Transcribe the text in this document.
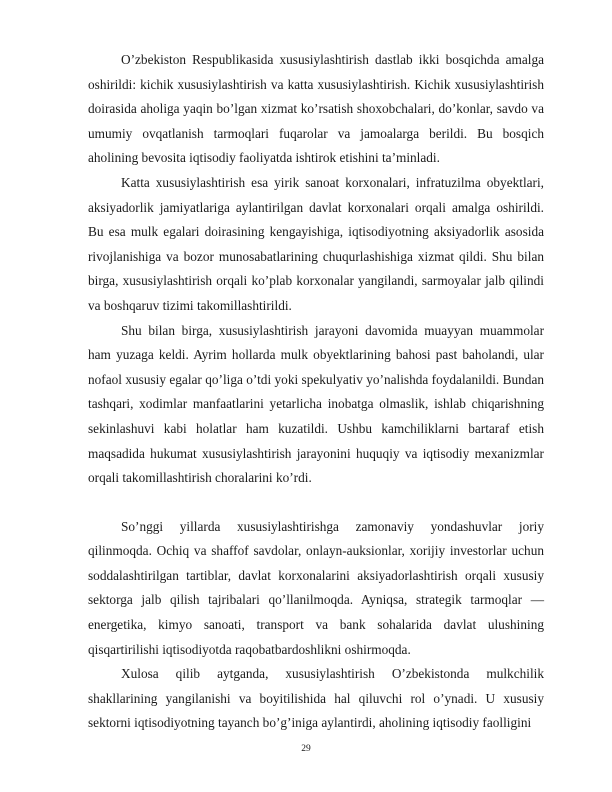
O’zbekiston Respublikasida xususiylashtirish dastlab ikki bosqichda amalga oshirildi: kichik xususiylashtirish va katta xususiylashtirish. Kichik xususiylashtirish doirasida aholiga yaqin bo’lgan xizmat ko’rsatish shoxobchalari, do’konlar, savdo va umumiy ovqatlanish tarmoqlari fuqarolar va jamoalarga berildi. Bu bosqich aholining bevosita iqtisodiy faoliyatda ishtirok etishini ta’minladi.

Katta xususiylashtirish esa yirik sanoat korxonalari, infratuzilma obyektlari, aksiyadorlik jamiyatlariga aylantirilgan davlat korxonalari orqali amalga oshirildi. Bu esa mulk egalari doirasining kengayishiga, iqtisodiyotning aksiyadorlik asosida rivojlanishiga va bozor munosabatlarining chuqurlashishiga xizmat qildi. Shu bilan birga, xususiylashtirish orqali ko’plab korxonalar yangilandi, sarmoyalar jalb qilindi va boshqaruv tizimi takomillashtirildi.

Shu bilan birga, xususiylashtirish jarayoni davomida muayyan muammolar ham yuzaga keldi. Ayrim hollarda mulk obyektlarining bahosi past baholandi, ular nofaol xususiy egalar qo’liga o’tdi yoki spekulyativ yo’nalishda foydalanildi. Bundan tashqari, xodimlar manfaatlarini yetarlicha inobatga olmaslik, ishlab chiqarishning sekinlashuvi kabi holatlar ham kuzatildi. Ushbu kamchiliklarni bartaraf etish maqsadida hukumat xususiylashtirish jarayonini huquqiy va iqtisodiy mexanizmlar orqali takomillashtirish choralarini ko’rdi.

So’nggi yillarda xususiylashtirishga zamonaviy yondashuvlar joriy qilinmoqda. Ochiq va shaffof savdolar, onlayn-auksionlar, xorijiy investorlar uchun soddalashtirilgan tartiblar, davlat korxonalarini aksiyadorlashtirish orqali xususiy sektorga jalb qilish tajribalari qo’llanilmoqda. Ayniqsa, strategik tarmoqlar — energetika, kimyo sanoati, transport va bank sohalarida davlat ulushining qisqartirilishi iqtisodiyotda raqobatbardoshlikni oshirmoqda.

Xulosa qilib aytganda, xususiylashtirish O’zbekistonda mulkchilik shakllarining yangilanishi va boyitilishida hal qiluvchi rol o’ynadi. U xususiy sektorni iqtisodiyotning tayanch bo’g’iniga aylantirdi, aholining iqtisodiy faolligini

29
